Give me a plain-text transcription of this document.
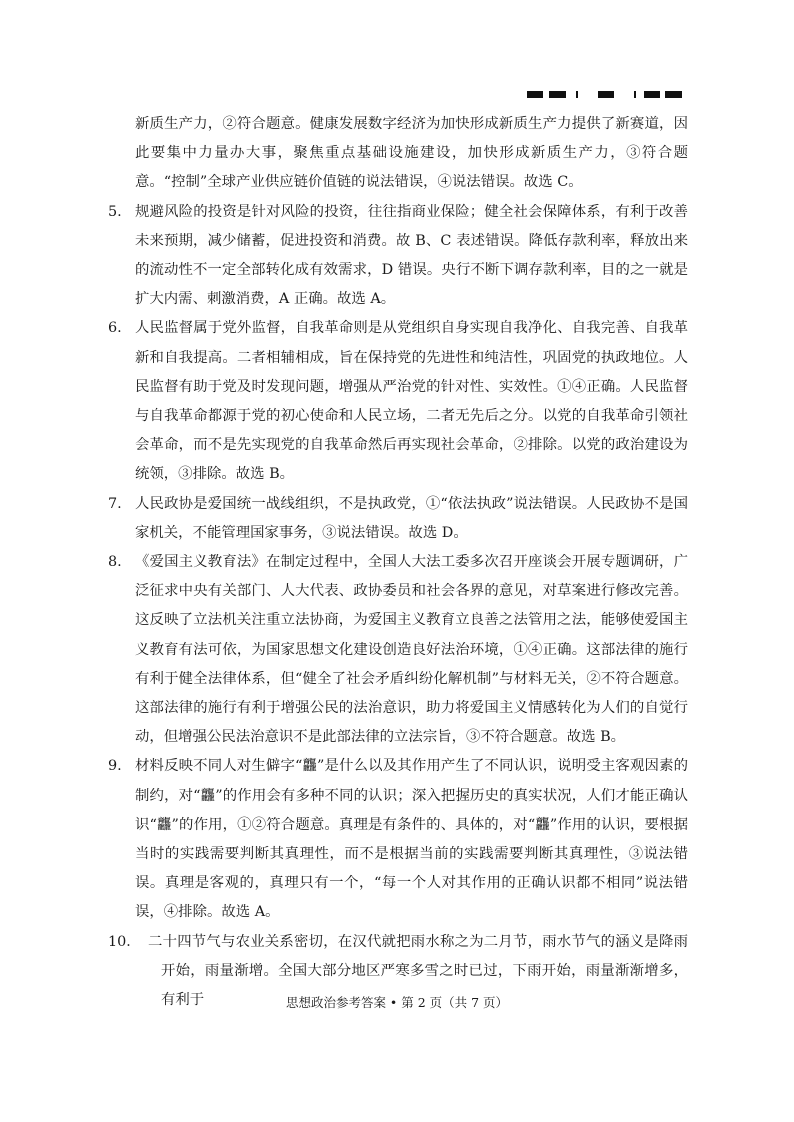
新质生产力，②符合题意。健康发展数字经济为加快形成新质生产力提供了新赛道，因此要集中力量办大事，聚焦重点基础设施建设，加快形成新质生产力，③符合题意。“控制”全球产业供应链价值链的说法错误，④说法错误。故选 C。
5. 规避风险的投资是针对风险的投资，往往指商业保险；健全社会保障体系，有利于改善未来预期，减少储蓄，促进投资和消费。故 B、C 表述错误。降低存款利率，释放出来的流动性不一定全部转化成有效需求，D 错误。央行不断下调存款利率，目的之一就是扩大内需、刺激消费，A 正确。故选 A。
6. 人民监督属于党外监督，自我革命则是从党组织自身实现自我净化、自我完善、自我革新和自我提高。二者相辅相成，旨在保持党的先进性和纯洁性，巩固党的执政地位。人民监督有助于党及时发现问题，增强从严治党的针对性、实效性。①④正确。人民监督与自我革命都源于党的初心使命和人民立场，二者无先后之分。以党的自我革命引领社会革命，而不是先实现党的自我革命然后再实现社会革命，②排除。以党的政治建设为统领，③排除。故选 B。
7. 人民政协是爱国统一战线组织，不是执政党，①“依法执政”说法错误。人民政协不是国家机关，不能管理国家事务，③说法错误。故选 D。
8. 《爱国主义教育法》在制定过程中，全国人大法工委多次召开座谈会开展专题调研，广泛征求中央有关部门、人大代表、政协委员和社会各界的意见，对草案进行修改完善。这反映了立法机关注重立法协商，为爱国主义教育立良善之法管用之法，能够使爱国主义教育有法可依，为国家思想文化建设创造良好法治环境，①④正确。这部法律的施行有利于健全法律体系，但“健全了社会矛盾纠纷化解机制”与材料无关，②不符合题意。这部法律的施行有利于增强公民的法治意识，助力将爱国主义情感转化为人们的自觉行动，但增强公民法治意识不是此部法律的立法宗旨，③不符合题意。故选 B。
9. 材料反映不同人对生僻字“龘”是什么以及其作用产生了不同认识，说明受主客观因素的制约，对“龘”的作用会有多种不同的认识；深入把握历史的真实状况，人们才能正确认识“龘”的作用，①②符合题意。真理是有条件的、具体的，对“龘”作用的认识，要根据当时的实践需要判断其真理性，而不是根据当前的实践需要判断其真理性，③说法错误。真理是客观的，真理只有一个，“每一个人对其作用的正确认识都不相同”说法错误，④排除。故选 A。
10． 二十四节气与农业关系密切，在汉代就把雨水称之为二月节，雨水节气的涵义是降雨开始，雨量渐增。全国大部分地区严寒多雪之时已过，下雨开始，雨量渐渐增多，有利于	思想政治参考答案 • 第 2 页（共 7 页）
